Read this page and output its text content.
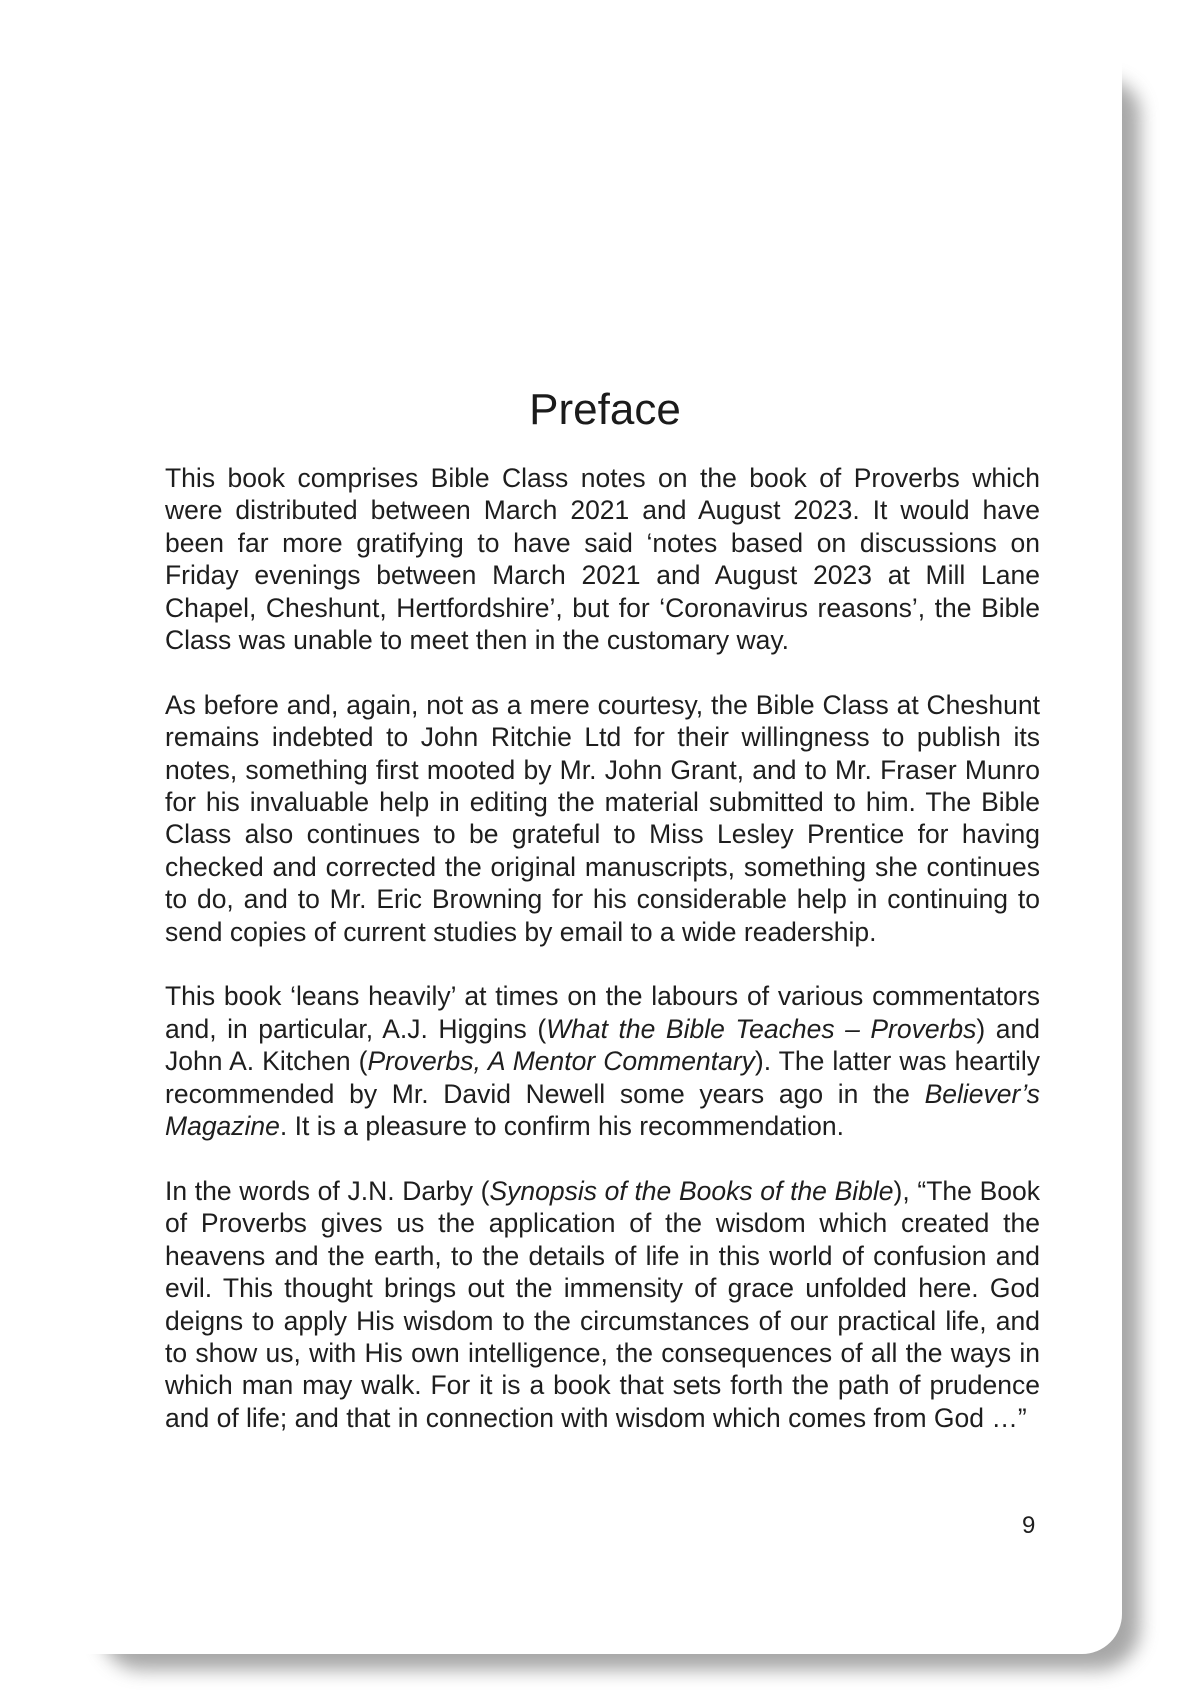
Preface

This book comprises Bible Class notes on the book of Proverbs which were distributed between March 2021 and August 2023. It would have been far more gratifying to have said ‘notes based on discussions on Friday evenings between March 2021 and August 2023 at Mill Lane Chapel, Cheshunt, Hertfordshire’, but for ‘Coronavirus reasons’, the Bible Class was unable to meet then in the customary way.

As before and, again, not as a mere courtesy, the Bible Class at Cheshunt remains indebted to John Ritchie Ltd for their willingness to publish its notes, something first mooted by Mr. John Grant, and to Mr. Fraser Munro for his invaluable help in editing the material submitted to him. The Bible Class also continues to be grateful to Miss Lesley Prentice for having checked and corrected the original manuscripts, something she continues to do, and to Mr. Eric Browning for his considerable help in continuing to send copies of current studies by email to a wide readership.

This book ‘leans heavily’ at times on the labours of various commentators and, in particular, A.J. Higgins (What the Bible Teaches – Proverbs) and John A. Kitchen (Proverbs, A Mentor Commentary). The latter was heartily recommended by Mr. David Newell some years ago in the Believer’s Magazine. It is a pleasure to confirm his recommendation.

In the words of J.N. Darby (Synopsis of the Books of the Bible), “The Book of Proverbs gives us the application of the wisdom which created the heavens and the earth, to the details of life in this world of confusion and evil. This thought brings out the immensity of grace unfolded here. God deigns to apply His wisdom to the circumstances of our practical life, and to show us, with His own intelligence, the consequences of all the ways in which man may walk. For it is a book that sets forth the path of prudence and of life; and that in connection with wisdom which comes from God …”

9
